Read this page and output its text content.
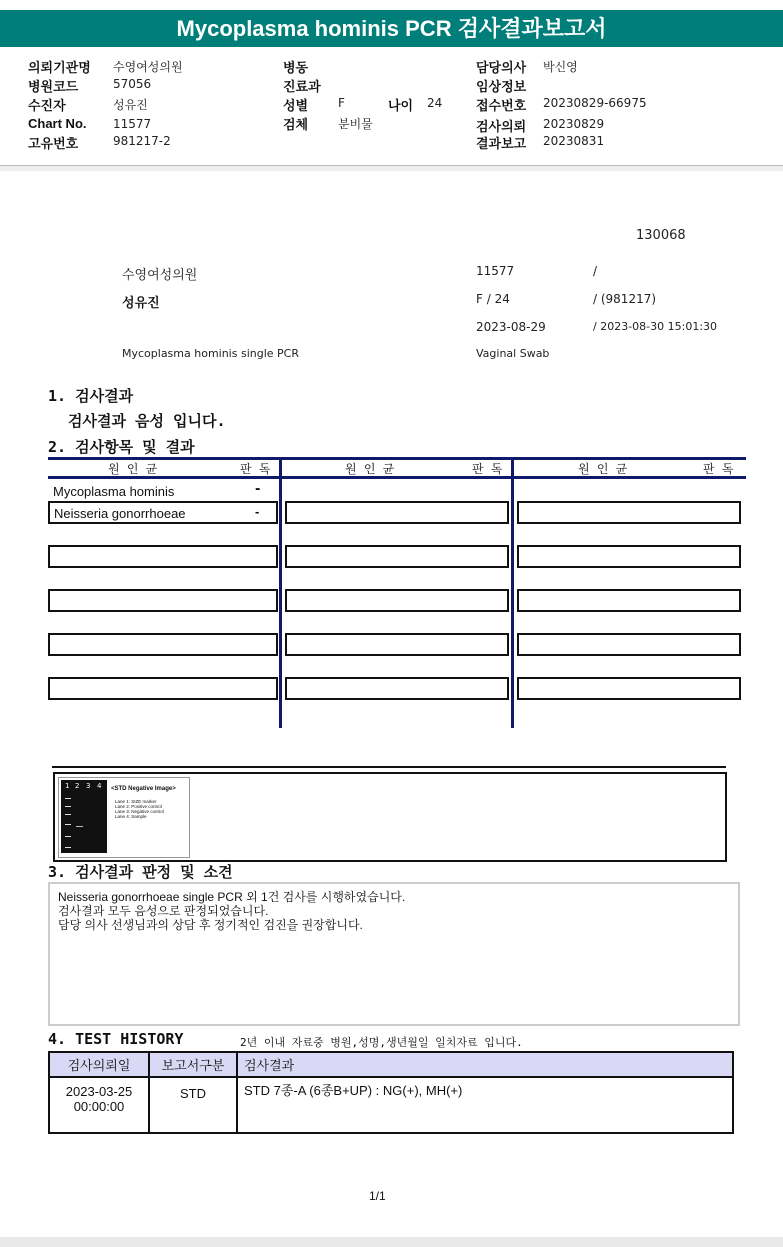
Mycoplasma hominis PCR 검사결과보고서
의뢰기관명 수영여성의원
병원코드	57056
수진자	성유진
Chart No. 11577
고유번호	981217-2
병동
진료과
성별 F	나이 24
검체 분비물
담당의사 박신영
임상정보
접수번호 20230829-66975
검사의뢰 20230829
결과보고 20230831
130068
수영여성의원	11577	/
성유진	F / 24	/ (981217)
2023-08-29	/ 2023-08-30 15:01:30
Mycoplasma hominis single PCR	Vaginal Swab
1. 검사결과
검사결과 음성 입니다.
2. 검사항목 및 결과
원 인 균	판 독	원 인 균	판 독	원 인 균	판 독
Mycoplasma hominis	-
Neisseria gonorrhoeae	-
1 2 3 4 <STD Negative Image>
Lane 1: SIZE marker
Lane 2: Positive control
Lane 3: Negative control
Lane 4: Sample
3. 검사결과 판정 및 소견
Neisseria gonorrhoeae single PCR 외 1건 검사를 시행하였습니다.
검사결과 모두 음성으로 판정되었습니다.
담당 의사 선생님과의 상담 후 정기적인 검진을 권장합니다.
4. TEST HISTORY	2년 이내 자료중 병원,성명,생년월일 일치자료 입니다.
검사의뢰일	보고서구분	검사결과

2023-03-25
00:00:00	STD	STD 7종-A (6종B+UP) : NG(+), MH(+)
1/1
